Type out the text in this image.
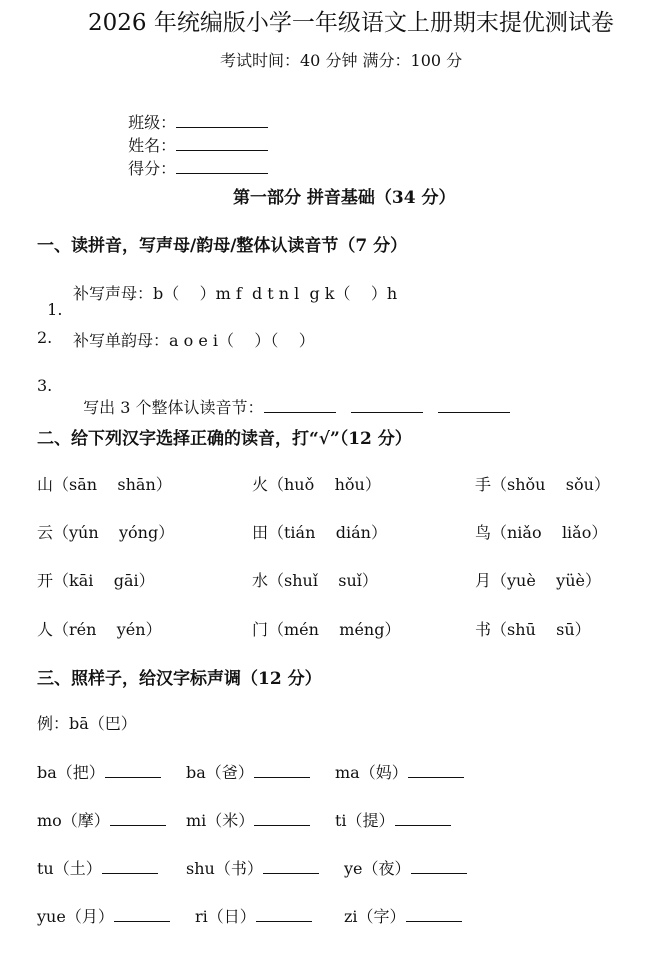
2026 年统编版小学一年级语文上册期末提优测试卷
考试时间：40 分钟 满分：100 分

班级：
姓名：
得分：

第一部分 拼音基础（34 分）
一、读拼音，写声母/韵母/整体认读音节（7 分）

1.

补写声母：b（    ）m f  d t n l  g k（    ）h
2. 补写单韵母：a o e i（    ）（    ）
3.

写出 3 个整体认读音节：

二、给下列汉字选择正确的读音，打“√”（12 分）
山（sān    shān）	火（huǒ    hǒu）	手（shǒu    sǒu）
云（yún    yóng）	田（tián    dián）	鸟（niǎo    liǎo）
开（kāi    gāi）	水（shuǐ    suǐ）	月（yuè    yüè）
人（rén    yén）	门（mén    méng）	书（shū    sū）
三、照样子，给汉字标声调（12 分）
例：bā（巴）
ba（把）	ba（爸）	ma（妈）
mo（摩）	mi（米）	ti（提）
tu（土）	shu（书）	ye（夜）
yue（月）	ri（日）	zi（字）
